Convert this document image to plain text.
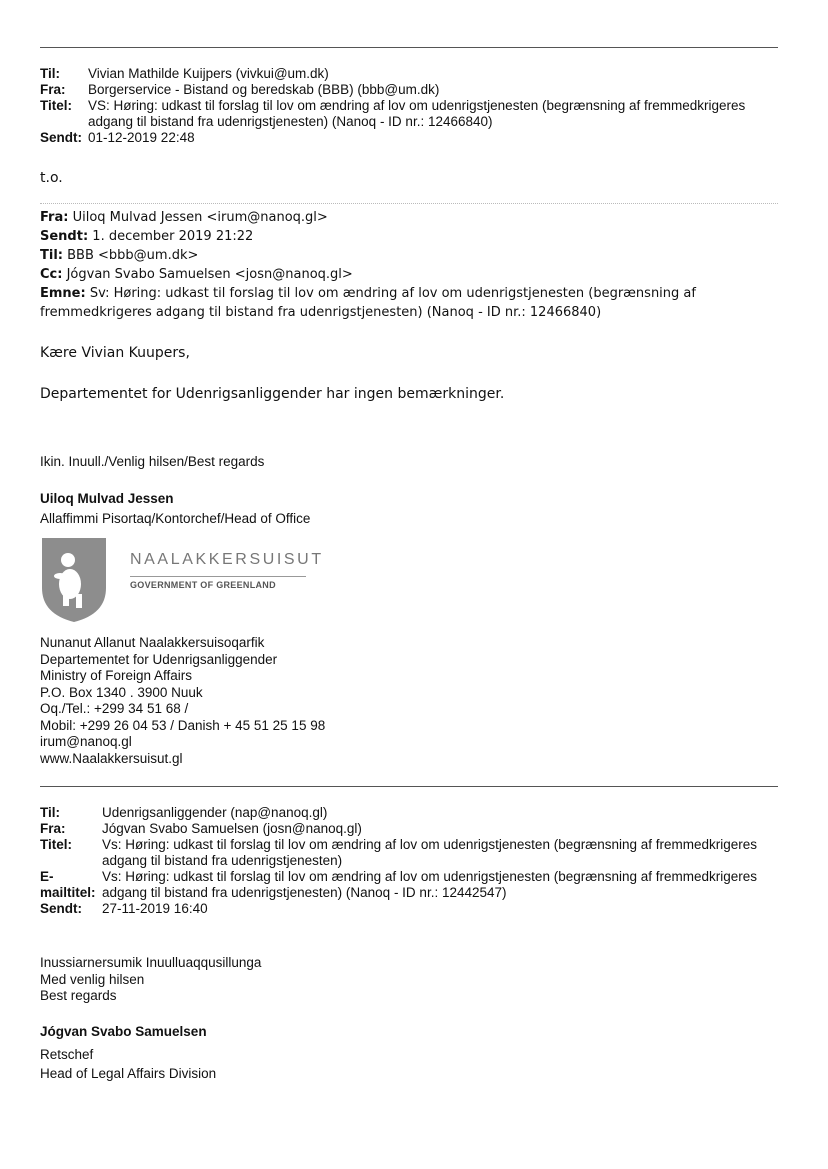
Til:	Vivian Mathilde Kuijpers (vivkui@um.dk)
Fra:	Borgerservice - Bistand og beredskab (BBB) (bbb@um.dk)
Titel:	VS: Høring: udkast til forslag til lov om ændring af lov om udenrigstjenesten (begrænsning af fremmedkrigeres adgang til bistand fra udenrigstjenesten) (Nanoq - ID nr.: 12466840)
Sendt: 01-12-2019 22:48
t.o.
Fra: Uiloq Mulvad Jessen <irum@nanoq.gl>
Sendt: 1. december 2019 21:22
Til: BBB <bbb@um.dk>
Cc: Jógvan Svabo Samuelsen <josn@nanoq.gl>
Emne: Sv: Høring: udkast til forslag til lov om ændring af lov om udenrigstjenesten (begrænsning af fremmedkrigeres adgang til bistand fra udenrigstjenesten) (Nanoq - ID nr.: 12466840)
Kære Vivian Kuupers,
Departementet for Udenrigsanliggender har ingen bemærkninger.
Ikin. Inuull./Venlig hilsen/Best regards
Uiloq Mulvad Jessen
Allaffimmi Pisortaq/Kontorchef/Head of Office
NAALAKKERSUISUT
GOVERNMENT OF GREENLAND
Nunanut Allanut Naalakkersuisoqarfik
Departementet for Udenrigsanliggender
Ministry of Foreign Affairs
P.O. Box 1340 . 3900 Nuuk
Oq./Tel.: +299 34 51 68 /
Mobil: +299 26 04 53 / Danish + 45 51 25 15 98
irum@nanoq.gl
www.Naalakkersuisut.gl
Til:	Udenrigsanliggender (nap@nanoq.gl)
Fra:	Jógvan Svabo Samuelsen (josn@nanoq.gl)
Titel:	Vs: Høring: udkast til forslag til lov om ændring af lov om udenrigstjenesten (begrænsning af fremmedkrigeres adgang til bistand fra udenrigstjenesten)
E-mailtitel:
Vs: Høring: udkast til forslag til lov om ændring af lov om udenrigstjenesten (begrænsning af fremmedkrigeres adgang til bistand fra udenrigstjenesten) (Nanoq - ID nr.: 12442547)
Sendt:	27-11-2019 16:40
Inussiarnersumik Inuulluaqqusillunga
Med venlig hilsen
Best regards
Jógvan Svabo Samuelsen
Retschef
Head of Legal Affairs Division
